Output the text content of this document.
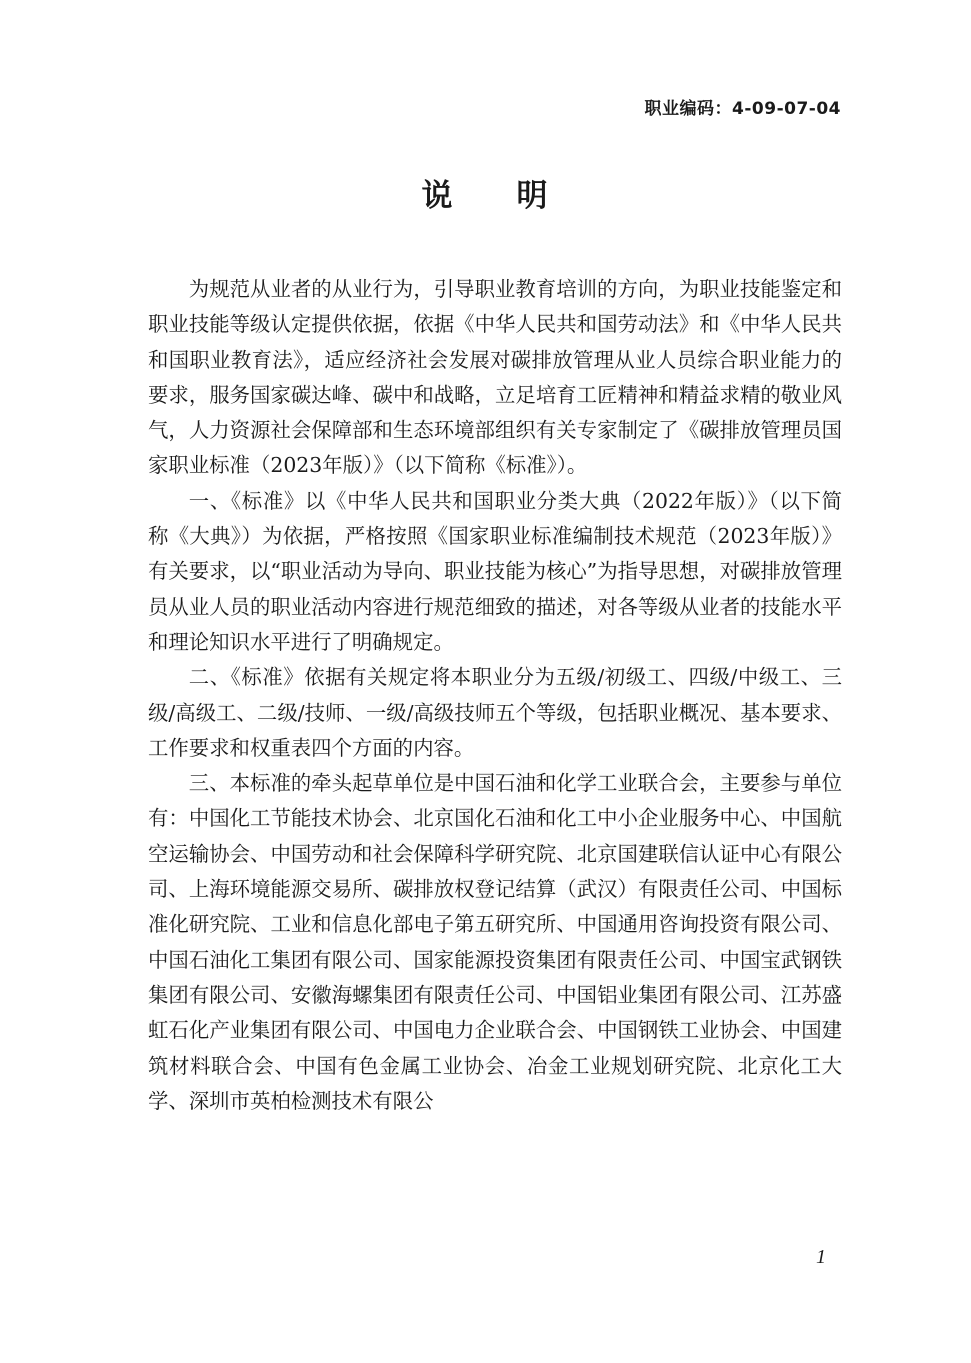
职业编码：4-09-07-04
说 明

为规范从业者的从业行为，引导职业教育培训的方向，为职业技能鉴定和职业技能等级认定提供依据，依据《中华人民共和国劳动法》和《中华人民共和国职业教育法》，适应经济社会发展对碳排放管理从业人员综合职业能力的要求，服务国家碳达峰、碳中和战略，立足培育工匠精神和精益求精的敬业风气，人力资源社会保障部和生态环境部组织有关专家制定了《碳排放管理员国家职业标准（2023年版）》（以下简称《标准》）。

一、《标准》以《中华人民共和国职业分类大典（2022年版）》（以下简称《大典》）为依据，严格按照《国家职业标准编制技术规范（2023年版）》有关要求，以“职业活动为导向、职业技能为核心”为指导思想，对碳排放管理员从业人员的职业活动内容进行规范细致的描述，对各等级从业者的技能水平和理论知识水平进行了明确规定。

二、《标准》依据有关规定将本职业分为五级/初级工、四级/中级工、三级/高级工、二级/技师、一级/高级技师五个等级，包括职业概况、基本要求、工作要求和权重表四个方面的内容。

三、本标准的牵头起草单位是中国石油和化学工业联合会，主要参与单位有：中国化工节能技术协会、北京国化石油和化工中小企业服务中心、中国航空运输协会、中国劳动和社会保障科学研究院、北京国建联信认证中心有限公司、上海环境能源交易所、碳排放权登记结算（武汉）有限责任公司、中国标准化研究院、工业和信息化部电子第五研究所、中国通用咨询投资有限公司、中国石油化工集团有限公司、国家能源投资集团有限责任公司、中国宝武钢铁集团有限公司、安徽海螺集团有限责任公司、中国铝业集团有限公司、江苏盛虹石化产业集团有限公司、中国电力企业联合会、中国钢铁工业协会、中国建筑材料联合会、中国有色金属工业协会、冶金工业规划研究院、北京化工大学、深圳市英柏检测技术有限公

1
